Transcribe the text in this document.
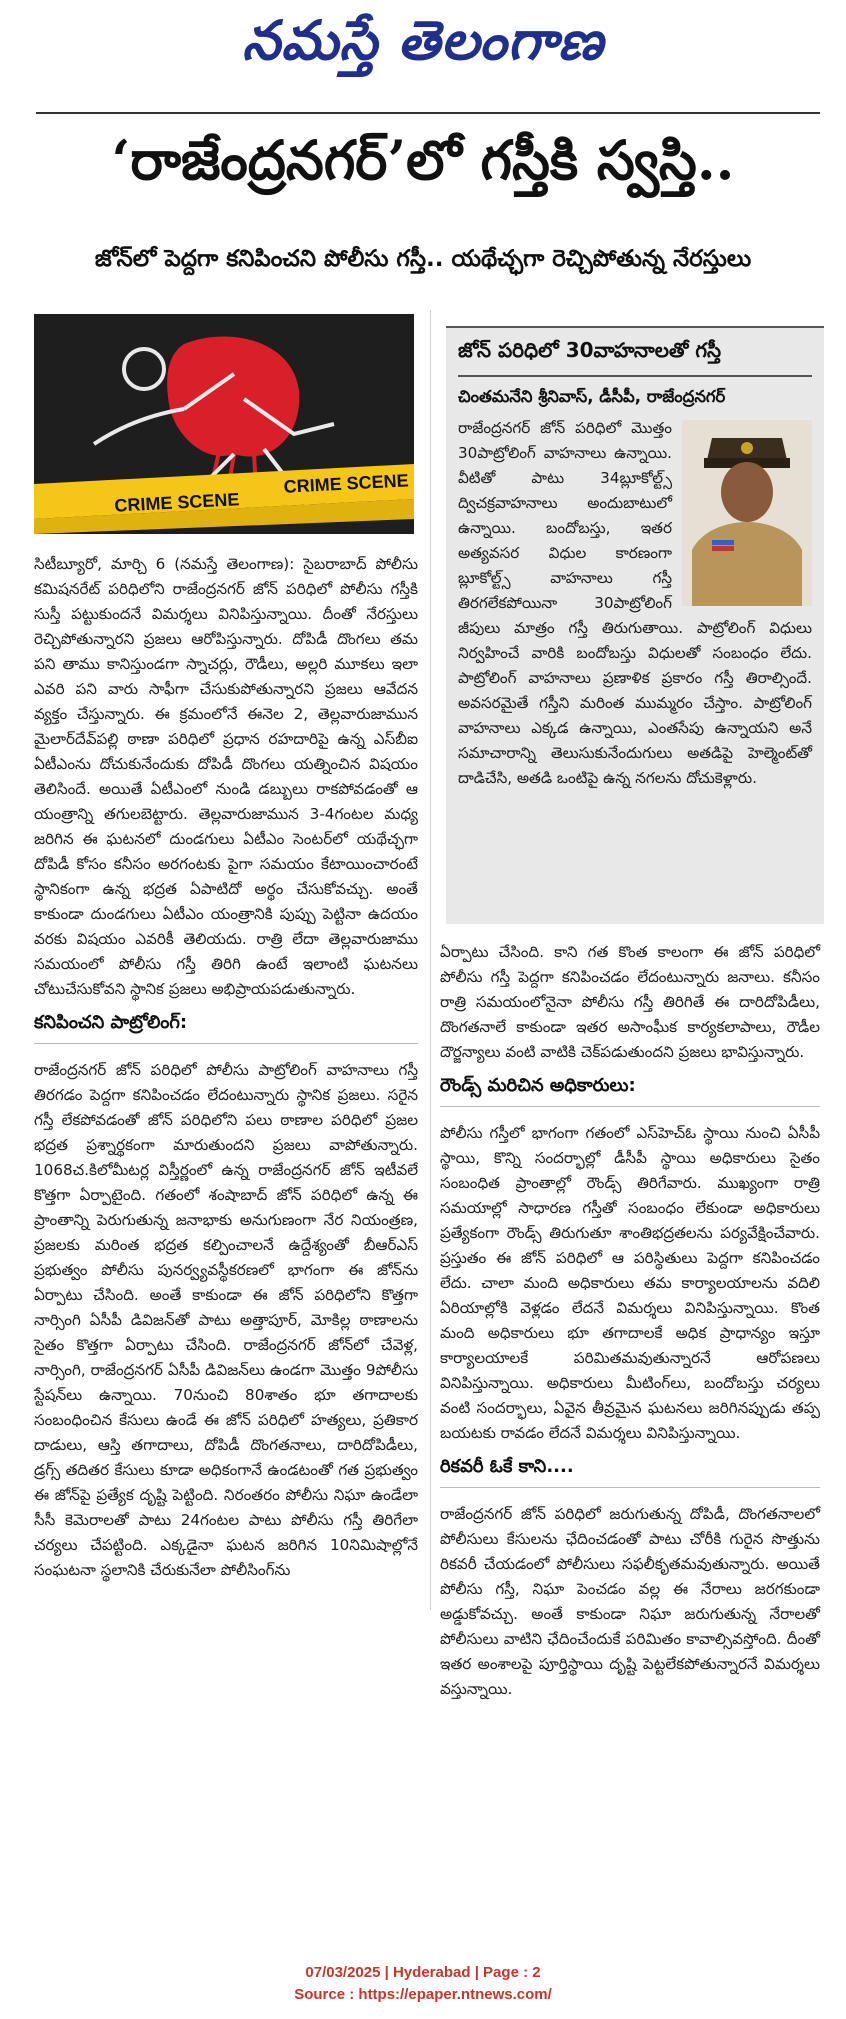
నమస్తే తెలంగాణ
‘రాజేంద్రనగర్’లో గస్తీకి స్వస్తి..
జోన్‌లో పెద్దగా కనిపించని పోలీసు గస్తీ.. యథేచ్ఛగా రెచ్చిపోతున్న నేరస్తులు
CRIME SCENE
CRIME SCENE
జోన్ పరిధిలో 30వాహనాలతో గస్తీ
చింతమనేని శ్రీనివాస్, డీసీపీ, రాజేంద్రనగర్

రాజేంద్రనగర్ జోన్ పరిధిలో మొత్తం 30పాట్రోలింగ్ వాహనాలు ఉన్నాయి. వీటితో పాటు 34బ్లూకోల్ట్స్ ద్విచక్రవాహనాలు అందుబాటులో ఉన్నాయి. బందోబస్తు, ఇతర అత్యవసర విధుల కారణంగా బ్లూకోల్ట్స్ వాహనాలు గస్తీ తిరగలేకపోయినా 30పాట్రోలింగ్ జీపులు మాత్రం గస్తీ తిరుగుతాయి. పాట్రోలింగ్ విధులు నిర్వహించే వారికి బందోబస్తు విధులతో సంబంధం లేదు. పాట్రోలింగ్ వాహనాలు ప్రణాళిక ప్రకారం గస్తీ తిరాల్సిందే. అవసరమైతే గస్తీని మరింత ముమ్మరం చేస్తాం. పాట్రోలింగ్ వాహనాలు ఎక్కడ ఉన్నాయి, ఎంతసేపు ఉన్నాయని అనే సమాచారాన్ని తెలుసుకునేందుగులు అతడిపై హెల్మెంట్‌తో దాడిచేసి, అతడి ఒంటిపై ఉన్న నగలను దోచుకెళ్లారు.

సిటీబ్యూరో, మార్చి 6 (నమస్తే తెలంగాణ): సైబరాబాద్ పోలీసు కమిషనరేట్ పరిధిలోని రాజేంద్రనగర్ జోన్ పరిధిలో పోలీసు గస్తీకి సుస్తీ పట్టుకుందనే విమర్శలు వినిపిస్తున్నాయి. దీంతో నేరస్తులు రెచ్చిపోతున్నారని ప్రజలు ఆరోపిస్తున్నారు. దోపిడీ దొంగలు తమ పని తాము కానిస్తుండగా స్నాచర్లు, రౌడీలు, అల్లరి మూకలు ఇలా ఎవరి పని వారు సాఫీగా చేసుకుపోతున్నారని ప్రజలు ఆవేదన వ్యక్తం చేస్తున్నారు. ఈ క్రమంలోనే ఈనెల 2, తెల్లవారుజామున మైలార్‌దేవ్‌పల్లి ఠాణా పరిధిలో ప్రధాన రహదారిపై ఉన్న ఎస్‌బీఐ ఏటీఎంను దోచుకునేందుకు దోపిడీ దొంగలు యత్నించిన విషయం తెలిసిందే. అయితే ఏటీఎంలో నుండి డబ్బులు రాకపోవడంతో ఆ యంత్రాన్ని తగులబెట్టారు. తెల్లవారుజామున 3-4గంటల మధ్య జరిగిన ఈ ఘటనలో దుండగులు ఏటీఎం సెంటర్‌లో యథేచ్ఛగా దోపిడీ కోసం కనీసం అరగంటకు పైగా సమయం కేటాయించారంటే స్థానికంగా ఉన్న భద్రత ఏపాటిదో అర్థం చేసుకోవచ్చు. అంతే కాకుండా దుండగులు ఏటీఎం యంత్రానికి పుప్పు పెట్టినా ఉదయం వరకు విషయం ఎవరికీ తెలియదు. రాత్రి లేదా తెల్లవారుజాము సమయంలో పోలీసు గస్తీ తిరిగి ఉంటే ఇలాంటి ఘటనలు చోటుచేసుకోవని స్థానిక ప్రజలు అభిప్రాయపడుతున్నారు.

కనిపించని పాట్రోలింగ్:

రాజేంద్రనగర్ జోన్ పరిధిలో పోలీసు పాట్రోలింగ్ వాహనాలు గస్తీ తిరగడం పెద్దగా కనిపించడం లేదంటున్నారు స్థానిక ప్రజలు. సరైన గస్తీ లేకపోవడంతో జోన్ పరిధిలోని పలు ఠాణాల పరిధిలో ప్రజల భద్రత ప్రశ్నార్థకంగా మారుతుందని ప్రజలు వాపోతున్నారు. 1068చ.కిలోమీటర్ల విస్తీర్ణంలో ఉన్న రాజేంద్రనగర్ జోన్ ఇటీవలే కొత్తగా ఏర్పాటైంది. గతంలో శంషాబాద్ జోన్ పరిధిలో ఉన్న ఈ ప్రాంతాన్ని పెరుగుతున్న జనాభాకు అనుగుణంగా నేర నియంత్రణ, ప్రజలకు మరింత భద్రత కల్పించాలనే ఉద్దేశ్యంతో బీఆర్ఎస్ ప్రభుత్వం పోలీసు పునర్వ్యవస్థీకరణలో భాగంగా ఈ జోన్‌ను ఏర్పాటు చేసింది. అంతే కాకుండా ఈ జోన్ పరిధిలోని కొత్తగా నార్సింగి ఏసీపీ డివిజన్‌తో పాటు అత్తాపూర్, మోకిల్ల ఠాణాలను సైతం కొత్తగా ఏర్పాటు చేసింది. రాజేంద్రనగర్ జోన్‌లో చేవెళ్ల, నార్సింగి, రాజేంద్రనగర్ ఏసీపీ డివిజన్‌లు ఉండగా మొత్తం 9పోలీసు స్టేషన్‌లు ఉన్నాయి. 70నుంచి 80శాతం భూ తగాదాలకు సంబంధించిన కేసులు ఉండే ఈ జోన్ పరిధిలో హత్యలు, ప్రతికార దాడులు, ఆస్తి తగాదాలు, దోపిడీ దొంగతనాలు, దారిదోపిడీలు, డ్రగ్స్ తదితర కేసులు కూడా అధికంగానే ఉండటంతో గత ప్రభుత్వం ఈ జోన్‌పై ప్రత్యేక దృష్టి పెట్టింది. నిరంతరం పోలీసు నిఘా ఉండేలా సీసీ కెమెరాలతో పాటు 24గంటల పాటు పోలీసు గస్తీ తిరిగేలా చర్యలు చేపట్టింది. ఎక్కడైనా ఘటన జరిగిన 10నిమిషాల్లోనే సంఘటనా స్థలానికి చేరుకునేలా పోలీసింగ్‌ను

ఏర్పాటు చేసింది. కాని గత కొంత కాలంగా ఈ జోన్ పరిధిలో పోలీసు గస్తీ పెద్దగా కనిపించడం లేదంటున్నారు జనాలు. కనీసం రాత్రి సమయంలోనైనా పోలీసు గస్తీ తిరిగితే ఈ దారిదోపిడీలు, దొంగతనాలే కాకుండా ఇతర అసాంఘీక కార్యకలాపాలు, రౌడీల దౌర్జన్యాలు వంటి వాటికి చెక్‌పడుతుందని ప్రజలు భావిస్తున్నారు.

రౌండ్స్ మరిచిన అధికారులు:

పోలీసు గస్తీలో భాగంగా గతంలో ఎస్‌హెచ్ఓ స్థాయి నుంచి ఏసీపీ స్థాయి, కొన్ని సందర్భాల్లో డీసీపీ స్థాయి అధికారులు సైతం సంబంధిత ప్రాంతాల్లో రౌండ్స్ తిరిగేవారు. ముఖ్యంగా రాత్రి సమయాల్లో సాధారణ గస్తీతో సంబంధం లేకుండా అధికారులు ప్రత్యేకంగా రౌండ్స్ తిరుగుతూ శాంతిభద్రతలను పర్యవేక్షించేవారు. ప్రస్తుతం ఈ జోన్ పరిధిలో ఆ పరిస్థితులు పెద్దగా కనిపించడం లేదు. చాలా మంది అధికారులు తమ కార్యాలయాలను వదిలి ఏరియాల్లోకి వెళ్లడం లేదనే విమర్శలు వినిపిస్తున్నాయి. కొంత మంది అధికారులు భూ తగాదాలకే అధిక ప్రాధాన్యం ఇస్తూ కార్యాలయాలకే పరిమితమవుతున్నారనే ఆరోపణలు వినిపిస్తున్నాయి. అధికారులు మీటింగ్‌లు, బందోబస్తు చర్యలు వంటి సందర్భాలు, ఏవైన తీవ్రమైన ఘటనలు జరిగినప్పుడు తప్ప బయటకు రావడం లేదనే విమర్శలు వినిపిస్తున్నాయి.

రికవరీ ఓకే కాని....

రాజేంద్రనగర్ జోన్ పరిధిలో జరుగుతున్న దోపిడీ, దొంగతనాలలో పోలీసులు కేసులను ఛేదించడంతో పాటు చోరీకి గురైన సొత్తును రికవరీ చేయడంలో పోలీసులు సఫలీకృతమవుతున్నారు. అయితే పోలీసు గస్తీ, నిఘా పెంచడం వల్ల ఈ నేరాలు జరగకుండా అడ్డుకోవచ్చు. అంతే కాకుండా నిఘా జరుగుతున్న నేరాలతో పోలీసులు వాటిని ఛేదించేందుకే పరిమితం కావాల్సివస్తోంది. దీంతో ఇతర అంశాలపై పూర్తిస్థాయి దృష్టి పెట్టలేకపోతున్నారనే విమర్శలు వస్తున్నాయి.

07/03/2025 | Hyderabad | Page : 2
Source : https://epaper.ntnews.com/
